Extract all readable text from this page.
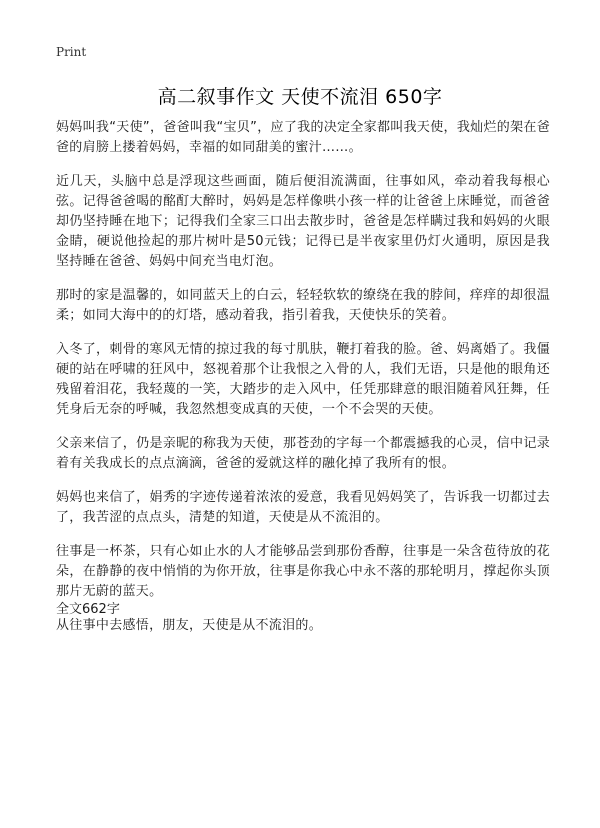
Print
高二叙事作文 天使不流泪 650字

妈妈叫我“天使”，爸爸叫我“宝贝”，应了我的决定全家都叫我天使，我灿烂的架在爸爸的肩膀上搂着妈妈，幸福的如同甜美的蜜汁……。

近几天，头脑中总是浮现这些画面，随后便泪流满面，往事如风，牵动着我每根心弦。记得爸爸喝的酩酊大醉时，妈妈是怎样像哄小孩一样的让爸爸上床睡觉，而爸爸却仍坚持睡在地下；记得我们全家三口出去散步时，爸爸是怎样瞒过我和妈妈的火眼金睛，硬说他捡起的那片树叶是50元钱；记得已是半夜家里仍灯火通明，原因是我坚持睡在爸爸、妈妈中间充当电灯泡。

那时的家是温馨的，如同蓝天上的白云，轻轻软软的缭绕在我的脖间，痒痒的却很温柔；如同大海中的的灯塔，感动着我，指引着我，天使快乐的笑着。

入冬了，刺骨的寒风无情的掠过我的每寸肌肤，鞭打着我的脸。爸、妈离婚了。我僵硬的站在呼啸的狂风中，怒视着那个让我恨之入骨的人，我们无语，只是他的眼角还残留着泪花，我轻蔑的一笑，大踏步的走入风中，任凭那肆意的眼泪随着风狂舞，任凭身后无奈的呼喊，我忽然想变成真的天使，一个不会哭的天使。

父亲来信了，仍是亲昵的称我为天使，那苍劲的字每一个都震撼我的心灵，信中记录着有关我成长的点点滴滴，爸爸的爱就这样的融化掉了我所有的恨。

妈妈也来信了，娟秀的字迹传递着浓浓的爱意，我看见妈妈笑了，告诉我一切都过去了，我苦涩的点点头，清楚的知道，天使是从不流泪的。

往事是一杯茶，只有心如止水的人才能够品尝到那份香醇，往事是一朵含苞待放的花朵，在静静的夜中悄悄的为你开放，往事是你我心中永不落的那轮明月，撑起你头顶那片无蔚的蓝天。

从往事中去感悟，朋友，天使是从不流泪的。

全文662字
